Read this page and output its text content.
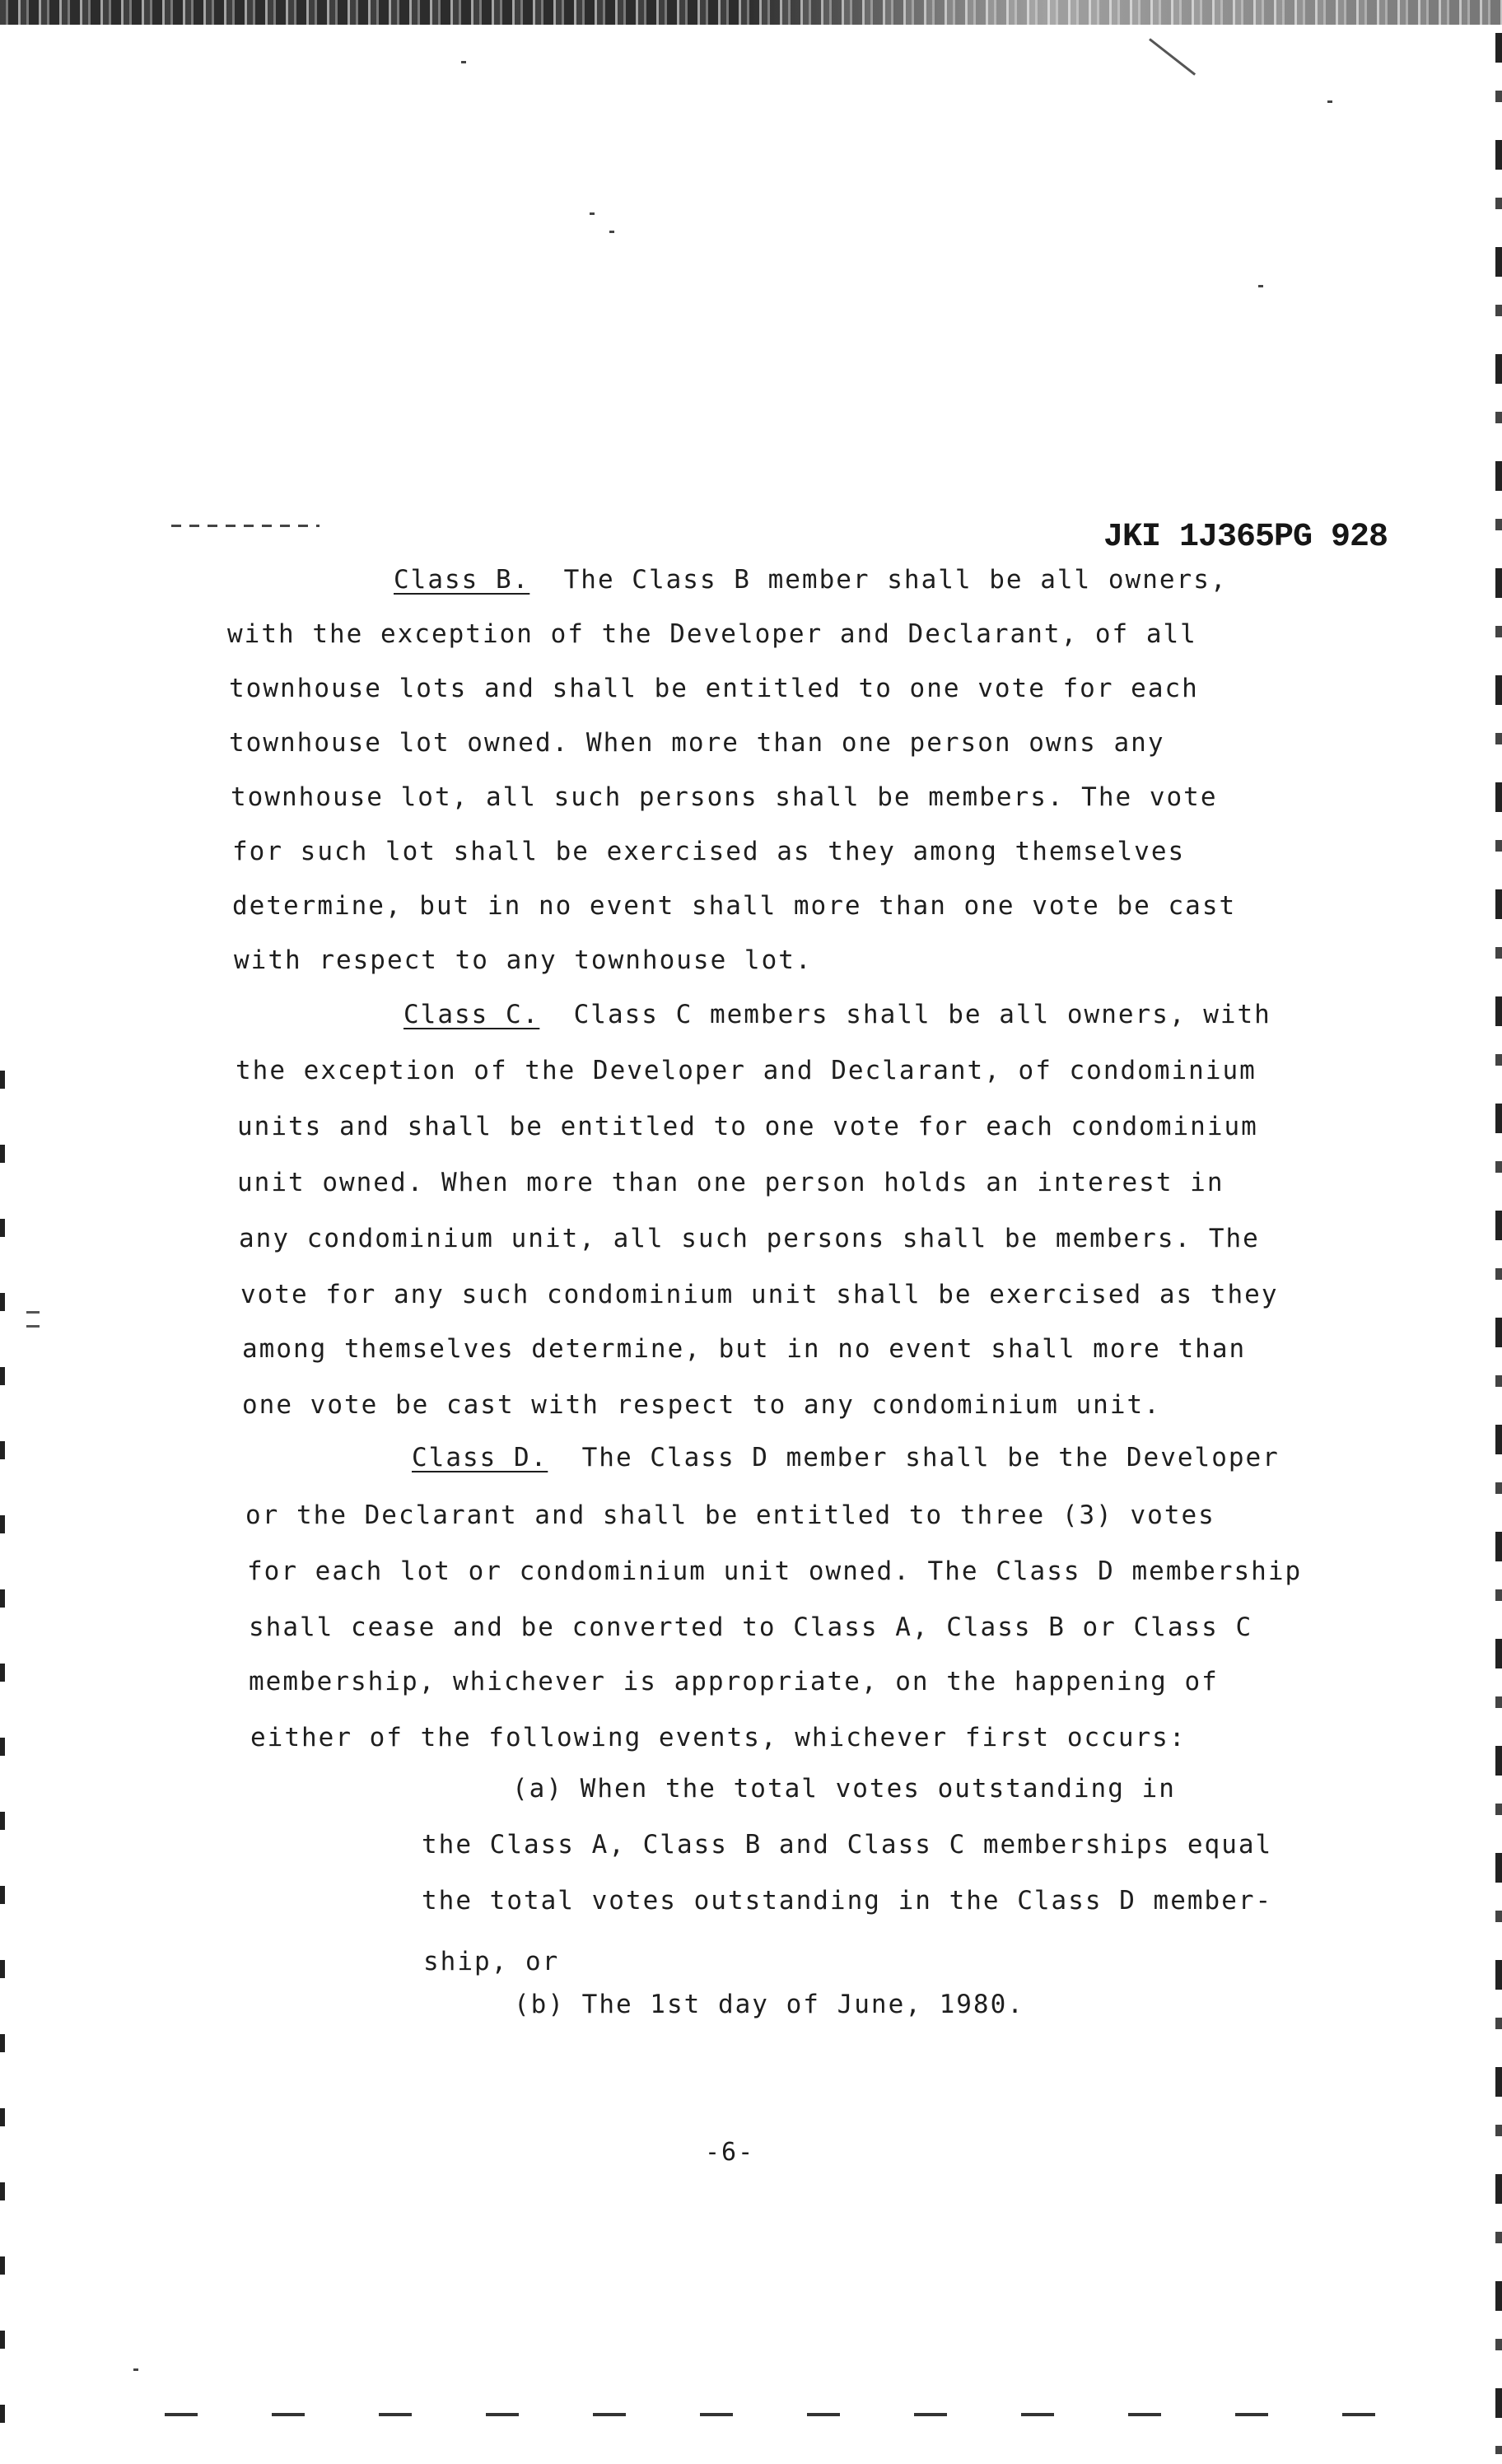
JKI 1J365PG 928
Class B. The Class B member shall be all owners,
with the exception of the Developer and Declarant, of all
townhouse lots and shall be entitled to one vote for each
townhouse lot owned. When more than one person owns any
townhouse lot, all such persons shall be members. The vote
for such lot shall be exercised as they among themselves
determine, but in no event shall more than one vote be cast
with respect to any townhouse lot.
Class C. Class C members shall be all owners, with
the exception of the Developer and Declarant, of condominium
units and shall be entitled to one vote for each condominium
unit owned. When more than one person holds an interest in
any condominium unit, all such persons shall be members. The
vote for any such condominium unit shall be exercised as they
among themselves determine, but in no event shall more than
one vote be cast with respect to any condominium unit.
Class D. The Class D member shall be the Developer
or the Declarant and shall be entitled to three (3) votes
for each lot or condominium unit owned. The Class D membership
shall cease and be converted to Class A, Class B or Class C
membership, whichever is appropriate, on the happening of
either of the following events, whichever first occurs:
(a) When the total votes outstanding in
the Class A, Class B and Class C memberships equal
the total votes outstanding in the Class D member-
ship, or
(b) The 1st day of June, 1980.
-6-
